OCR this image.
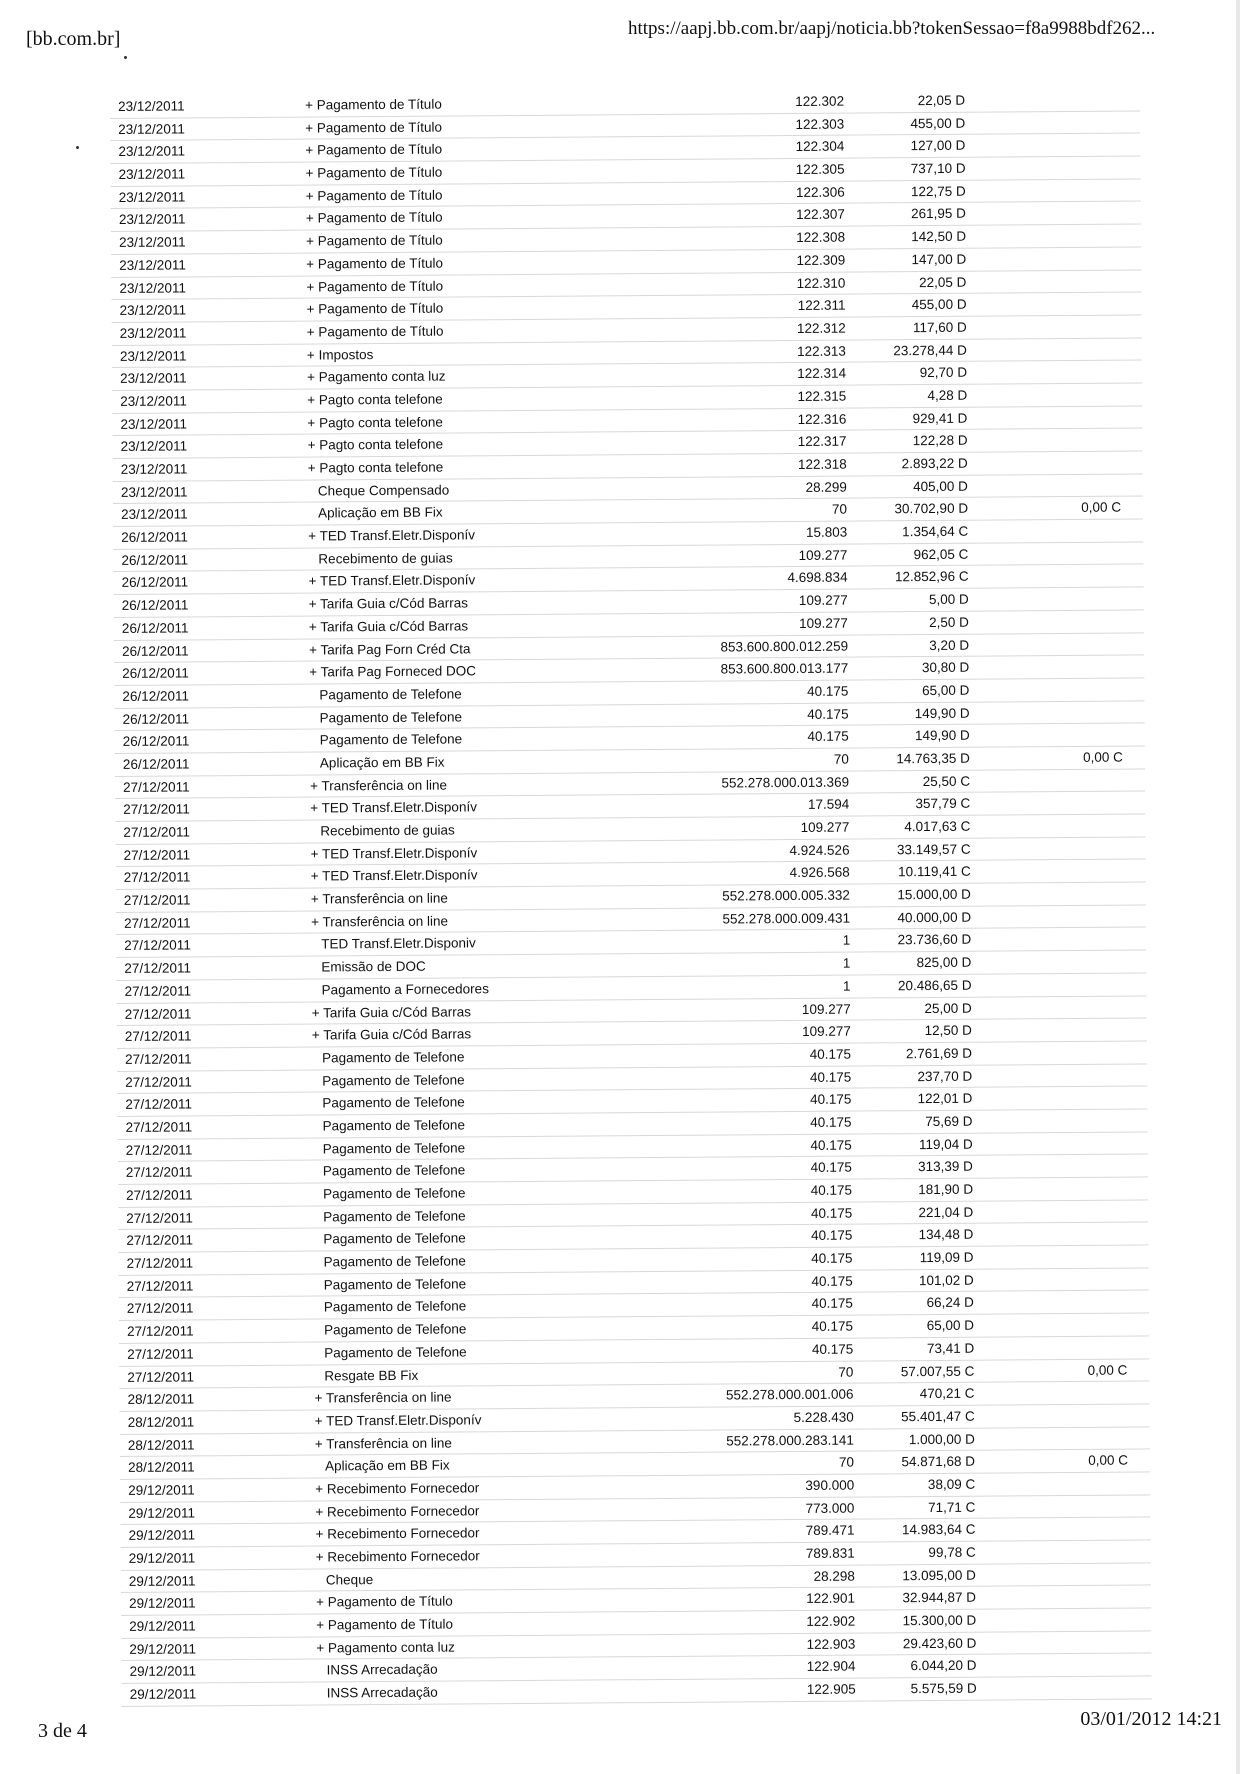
[bb.com.br]	https://aapj.bb.com.br/aapj/noticia.bb?tokenSessao=f8a9988bdf262...
23/12/2011	+ Pagamento de Título	122.302	22,05 D
23/12/2011	+ Pagamento de Título	122.303	455,00 D
23/12/2011	+ Pagamento de Título	122.304	127,00 D
23/12/2011	+ Pagamento de Título	122.305	737,10 D
23/12/2011	+ Pagamento de Título	122.306	122,75 D
23/12/2011	+ Pagamento de Título	122.307	261,95 D
23/12/2011	+ Pagamento de Título	122.308	142,50 D
23/12/2011	+ Pagamento de Título	122.309	147,00 D
23/12/2011	+ Pagamento de Título	122.310	22,05 D
23/12/2011	+ Pagamento de Título	122.311	455,00 D
23/12/2011	+ Pagamento de Título	122.312	117,60 D
23/12/2011	+ Impostos	122.313	23.278,44 D
23/12/2011	+ Pagamento conta luz	122.314	92,70 D
23/12/2011	+ Pagto conta telefone	122.315	4,28 D
23/12/2011	+ Pagto conta telefone	122.316	929,41 D
23/12/2011	+ Pagto conta telefone	122.317	122,28 D
23/12/2011	+ Pagto conta telefone	122.318	2.893,22 D
23/12/2011	Cheque Compensado	28.299	405,00 D
23/12/2011	Aplicação em BB Fix	70	30.702,90 D	0,00 C
26/12/2011	+ TED Transf.Eletr.Disponív	15.803	1.354,64 C
26/12/2011	Recebimento de guias	109.277	962,05 C
26/12/2011	+ TED Transf.Eletr.Disponív	4.698.834	12.852,96 C
26/12/2011	+ Tarifa Guia c/Cód Barras	109.277	5,00 D
26/12/2011	+ Tarifa Guia c/Cód Barras	109.277	2,50 D
26/12/2011	+ Tarifa Pag Forn Créd Cta	853.600.800.012.259	3,20 D
26/12/2011	+ Tarifa Pag Forneced DOC	853.600.800.013.177	30,80 D
26/12/2011	Pagamento de Telefone	40.175	65,00 D
26/12/2011	Pagamento de Telefone	40.175	149,90 D
26/12/2011	Pagamento de Telefone	40.175	149,90 D
26/12/2011	Aplicação em BB Fix	70	14.763,35 D	0,00 C
27/12/2011	+ Transferência on line	552.278.000.013.369	25,50 C
27/12/2011	+ TED Transf.Eletr.Disponív	17.594	357,79 C
27/12/2011	Recebimento de guias	109.277	4.017,63 C
27/12/2011	+ TED Transf.Eletr.Disponív	4.924.526	33.149,57 C
27/12/2011	+ TED Transf.Eletr.Disponív	4.926.568	10.119,41 C
27/12/2011	+ Transferência on line	552.278.000.005.332	15.000,00 D
27/12/2011	+ Transferência on line	552.278.000.009.431	40.000,00 D
27/12/2011	TED Transf.Eletr.Disponiv	1	23.736,60 D
27/12/2011	Emissão de DOC	1	825,00 D
27/12/2011	Pagamento a Fornecedores	1	20.486,65 D
27/12/2011	+ Tarifa Guia c/Cód Barras	109.277	25,00 D
27/12/2011	+ Tarifa Guia c/Cód Barras	109.277	12,50 D
27/12/2011	Pagamento de Telefone	40.175	2.761,69 D
27/12/2011	Pagamento de Telefone	40.175	237,70 D
27/12/2011	Pagamento de Telefone	40.175	122,01 D
27/12/2011	Pagamento de Telefone	40.175	75,69 D
27/12/2011	Pagamento de Telefone	40.175	119,04 D
27/12/2011	Pagamento de Telefone	40.175	313,39 D
27/12/2011	Pagamento de Telefone	40.175	181,90 D
27/12/2011	Pagamento de Telefone	40.175	221,04 D
27/12/2011	Pagamento de Telefone	40.175	134,48 D
27/12/2011	Pagamento de Telefone	40.175	119,09 D
27/12/2011	Pagamento de Telefone	40.175	101,02 D
27/12/2011	Pagamento de Telefone	40.175	66,24 D
27/12/2011	Pagamento de Telefone	40.175	65,00 D
27/12/2011	Pagamento de Telefone	40.175	73,41 D
27/12/2011	Resgate BB Fix	70	57.007,55 C	0,00 C
28/12/2011	+ Transferência on line	552.278.000.001.006	470,21 C
28/12/2011	+ TED Transf.Eletr.Disponív	5.228.430	55.401,47 C
28/12/2011	+ Transferência on line	552.278.000.283.141	1.000,00 D
28/12/2011	Aplicação em BB Fix	70	54.871,68 D	0,00 C
29/12/2011	+ Recebimento Fornecedor	390.000	38,09 C
29/12/2011	+ Recebimento Fornecedor	773.000	71,71 C
29/12/2011	+ Recebimento Fornecedor	789.471	14.983,64 C
29/12/2011	+ Recebimento Fornecedor	789.831	99,78 C
29/12/2011	Cheque	28.298	13.095,00 D
29/12/2011	+ Pagamento de Título	122.901	32.944,87 D
29/12/2011	+ Pagamento de Título	122.902	15.300,00 D
29/12/2011	+ Pagamento conta luz	122.903	29.423,60 D
29/12/2011	INSS Arrecadação	122.904	6.044,20 D
29/12/2011	INSS Arrecadação	122.905	5.575,59 D
3 de 4
03/01/2012 14:21
